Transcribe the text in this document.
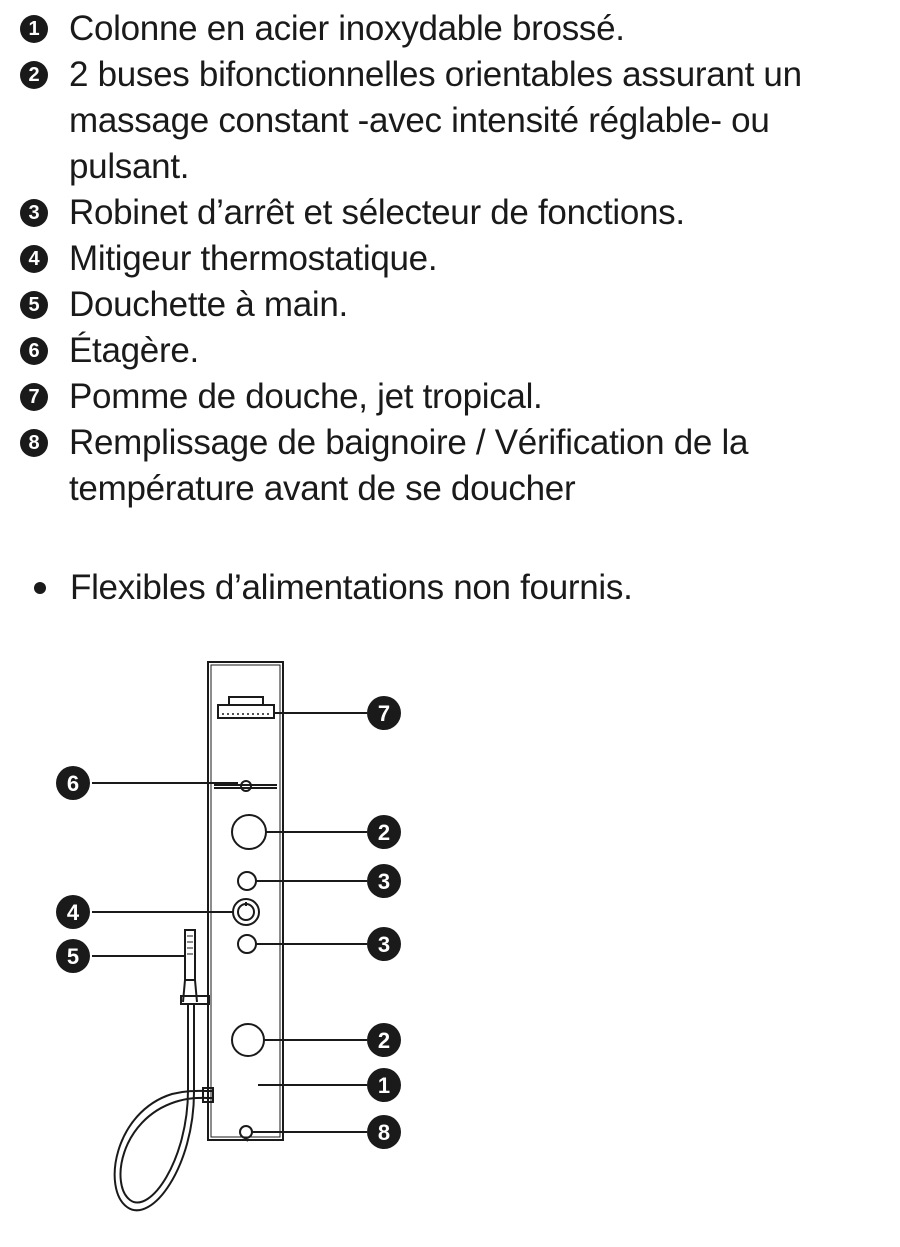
1 Colonne en acier inoxydable brossé.
2 2 buses bifonctionnelles orientables assurant un massage constant -avec intensité réglable- ou pulsant.
3 Robinet d’arrêt et sélecteur de fonctions.
4 Mitigeur thermostatique.
5 Douchette à main.
6 Étagère.
7 Pomme de douche, jet tropical.
8 Remplissage de baignoire / Vérification de la température avant de se doucher
Flexibles d’alimentations non fournis.
7
6
2
3
4
3
5
2
1
8
